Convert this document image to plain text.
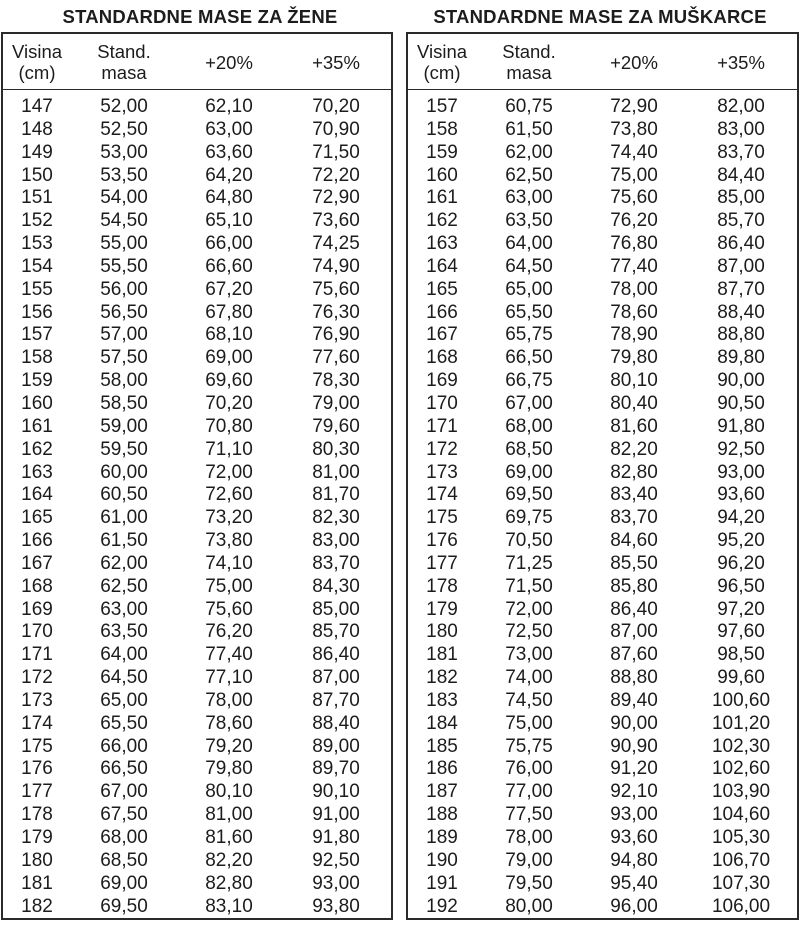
STANDARDNE MASE ZA ŽENE
Visina
(cm)
Stand.
masa	+20%	+35%
147	52,00	62,10	70,20
148	52,50	63,00	70,90
149	53,00	63,60	71,50
150	53,50	64,20	72,20
151	54,00	64,80	72,90
152	54,50	65,10	73,60
153	55,00	66,00	74,25
154	55,50	66,60	74,90
155	56,00	67,20	75,60
156	56,50	67,80	76,30
157	57,00	68,10	76,90
158	57,50	69,00	77,60
159	58,00	69,60	78,30
160	58,50	70,20	79,00
161	59,00	70,80	79,60
162	59,50	71,10	80,30
163	60,00	72,00	81,00
164	60,50	72,60	81,70
165	61,00	73,20	82,30
166	61,50	73,80	83,00
167	62,00	74,10	83,70
168	62,50	75,00	84,30
169	63,00	75,60	85,00
170	63,50	76,20	85,70
171	64,00	77,40	86,40
172	64,50	77,10	87,00
173	65,00	78,00	87,70
174	65,50	78,60	88,40
175	66,00	79,20	89,00
176	66,50	79,80	89,70
177	67,00	80,10	90,10
178	67,50	81,00	91,00
179	68,00	81,60	91,80
180	68,50	82,20	92,50
181	69,00	82,80	93,00
182	69,50	83,10	93,80
STANDARDNE MASE ZA MUŠKARCE
Visina
(cm)
Stand.
masa	+20%	+35%
157	60,75	72,90	82,00
158	61,50	73,80	83,00
159	62,00	74,40	83,70
160	62,50	75,00	84,40
161	63,00	75,60	85,00
162	63,50	76,20	85,70
163	64,00	76,80	86,40
164	64,50	77,40	87,00
165	65,00	78,00	87,70
166	65,50	78,60	88,40
167	65,75	78,90	88,80
168	66,50	79,80	89,80
169	66,75	80,10	90,00
170	67,00	80,40	90,50
171	68,00	81,60	91,80
172	68,50	82,20	92,50
173	69,00	82,80	93,00
174	69,50	83,40	93,60
175	69,75	83,70	94,20
176	70,50	84,60	95,20
177	71,25	85,50	96,20
178	71,50	85,80	96,50
179	72,00	86,40	97,20
180	72,50	87,00	97,60
181	73,00	87,60	98,50
182	74,00	88,80	99,60
183	74,50	89,40	100,60
184	75,00	90,00	101,20
185	75,75	90,90	102,30
186	76,00	91,20	102,60
187	77,00	92,10	103,90
188	77,50	93,00	104,60
189	78,00	93,60	105,30
190	79,00	94,80	106,70
191	79,50	95,40	107,30
192	80,00	96,00	106,00
